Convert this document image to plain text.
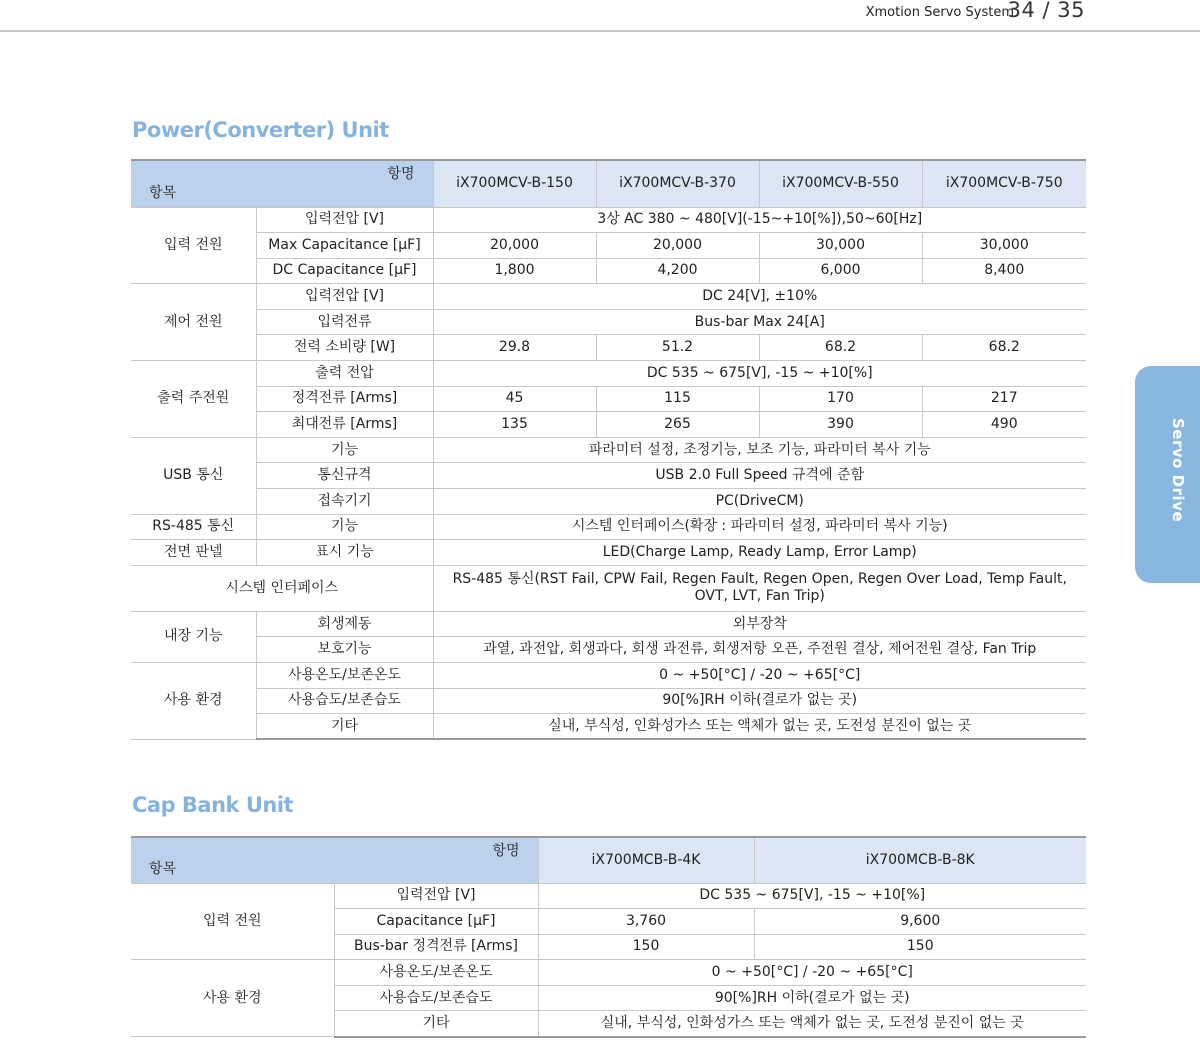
Xmotion Servo System
34 / 35
Servo Drive
Power(Converter) Unit
항명
항목		iX700MCV-B-150	iX700MCV-B-370	iX700MCV-B-550	iX700MCV-B-750
입력 전원	입력전압 [V]	3상 AC 380 ~ 480[V](-15~+10[%]),50~60[Hz]			
	Max Capacitance [μF]	20,000	20,000	30,000	30,000
	DC Capacitance [μF]	1,800	4,200	6,000	8,400
제어 전원	입력전압 [V]	DC 24[V], ±10%			
	입력전류	Bus-bar Max 24[A]			
	전력 소비량 [W]	29.8	51.2	68.2	68.2
출력 주전원	출력 전압	DC 535 ~ 675[V], -15 ~ +10[%]			
	정격전류 [Arms]	45	115	170	217
	최대전류 [Arms]	135	265	390	490
USB 통신	기능	파라미터 설정, 조정기능, 보조 기능, 파라미터 복사 기능			
	통신규격	USB 2.0 Full Speed 규격에 준함			
	접속기기	PC(DriveCM)			
RS-485 통신	기능	시스템 인터페이스(확장 : 파라미터 설정, 파라미터 복사 기능)			
전면 판넬	표시 기능	LED(Charge Lamp, Ready Lamp, Error Lamp)			
시스템 인터페이스		RS-485 통신(RST Fail, CPW Fail, Regen Fault, Regen Open, Regen Over Load, Temp Fault, OVT, LVT, Fan Trip)			
내장 기능	회생제동	외부장착			
	보호기능	과열, 과전압, 회생과다, 회생 과전류, 회생저항 오픈, 주전원 결상, 제어전원 결상, Fan Trip			
사용 환경	사용온도/보존온도	0 ~ +50[°C] / -20 ~ +65[°C]			
	사용습도/보존습도	90[%]RH 이하(결로가 없는 곳)			
	기타	실내, 부식성, 인화성가스 또는 액체가 없는 곳, 도전성 분진이 없는 곳			
Cap Bank Unit
항명
항목		iX700MCB-B-4K	iX700MCB-B-8K
입력 전원	입력전압 [V]	DC 535 ~ 675[V], -15 ~ +10[%]	
	Capacitance [μF]	3,760	9,600
	Bus-bar 정격전류 [Arms]	150	150
사용 환경	사용온도/보존온도	0 ~ +50[°C] / -20 ~ +65[°C]	
	사용습도/보존습도	90[%]RH 이하(결로가 없는 곳)	
	기타	실내, 부식성, 인화성가스 또는 액체가 없는 곳, 도전성 분진이 없는 곳	
